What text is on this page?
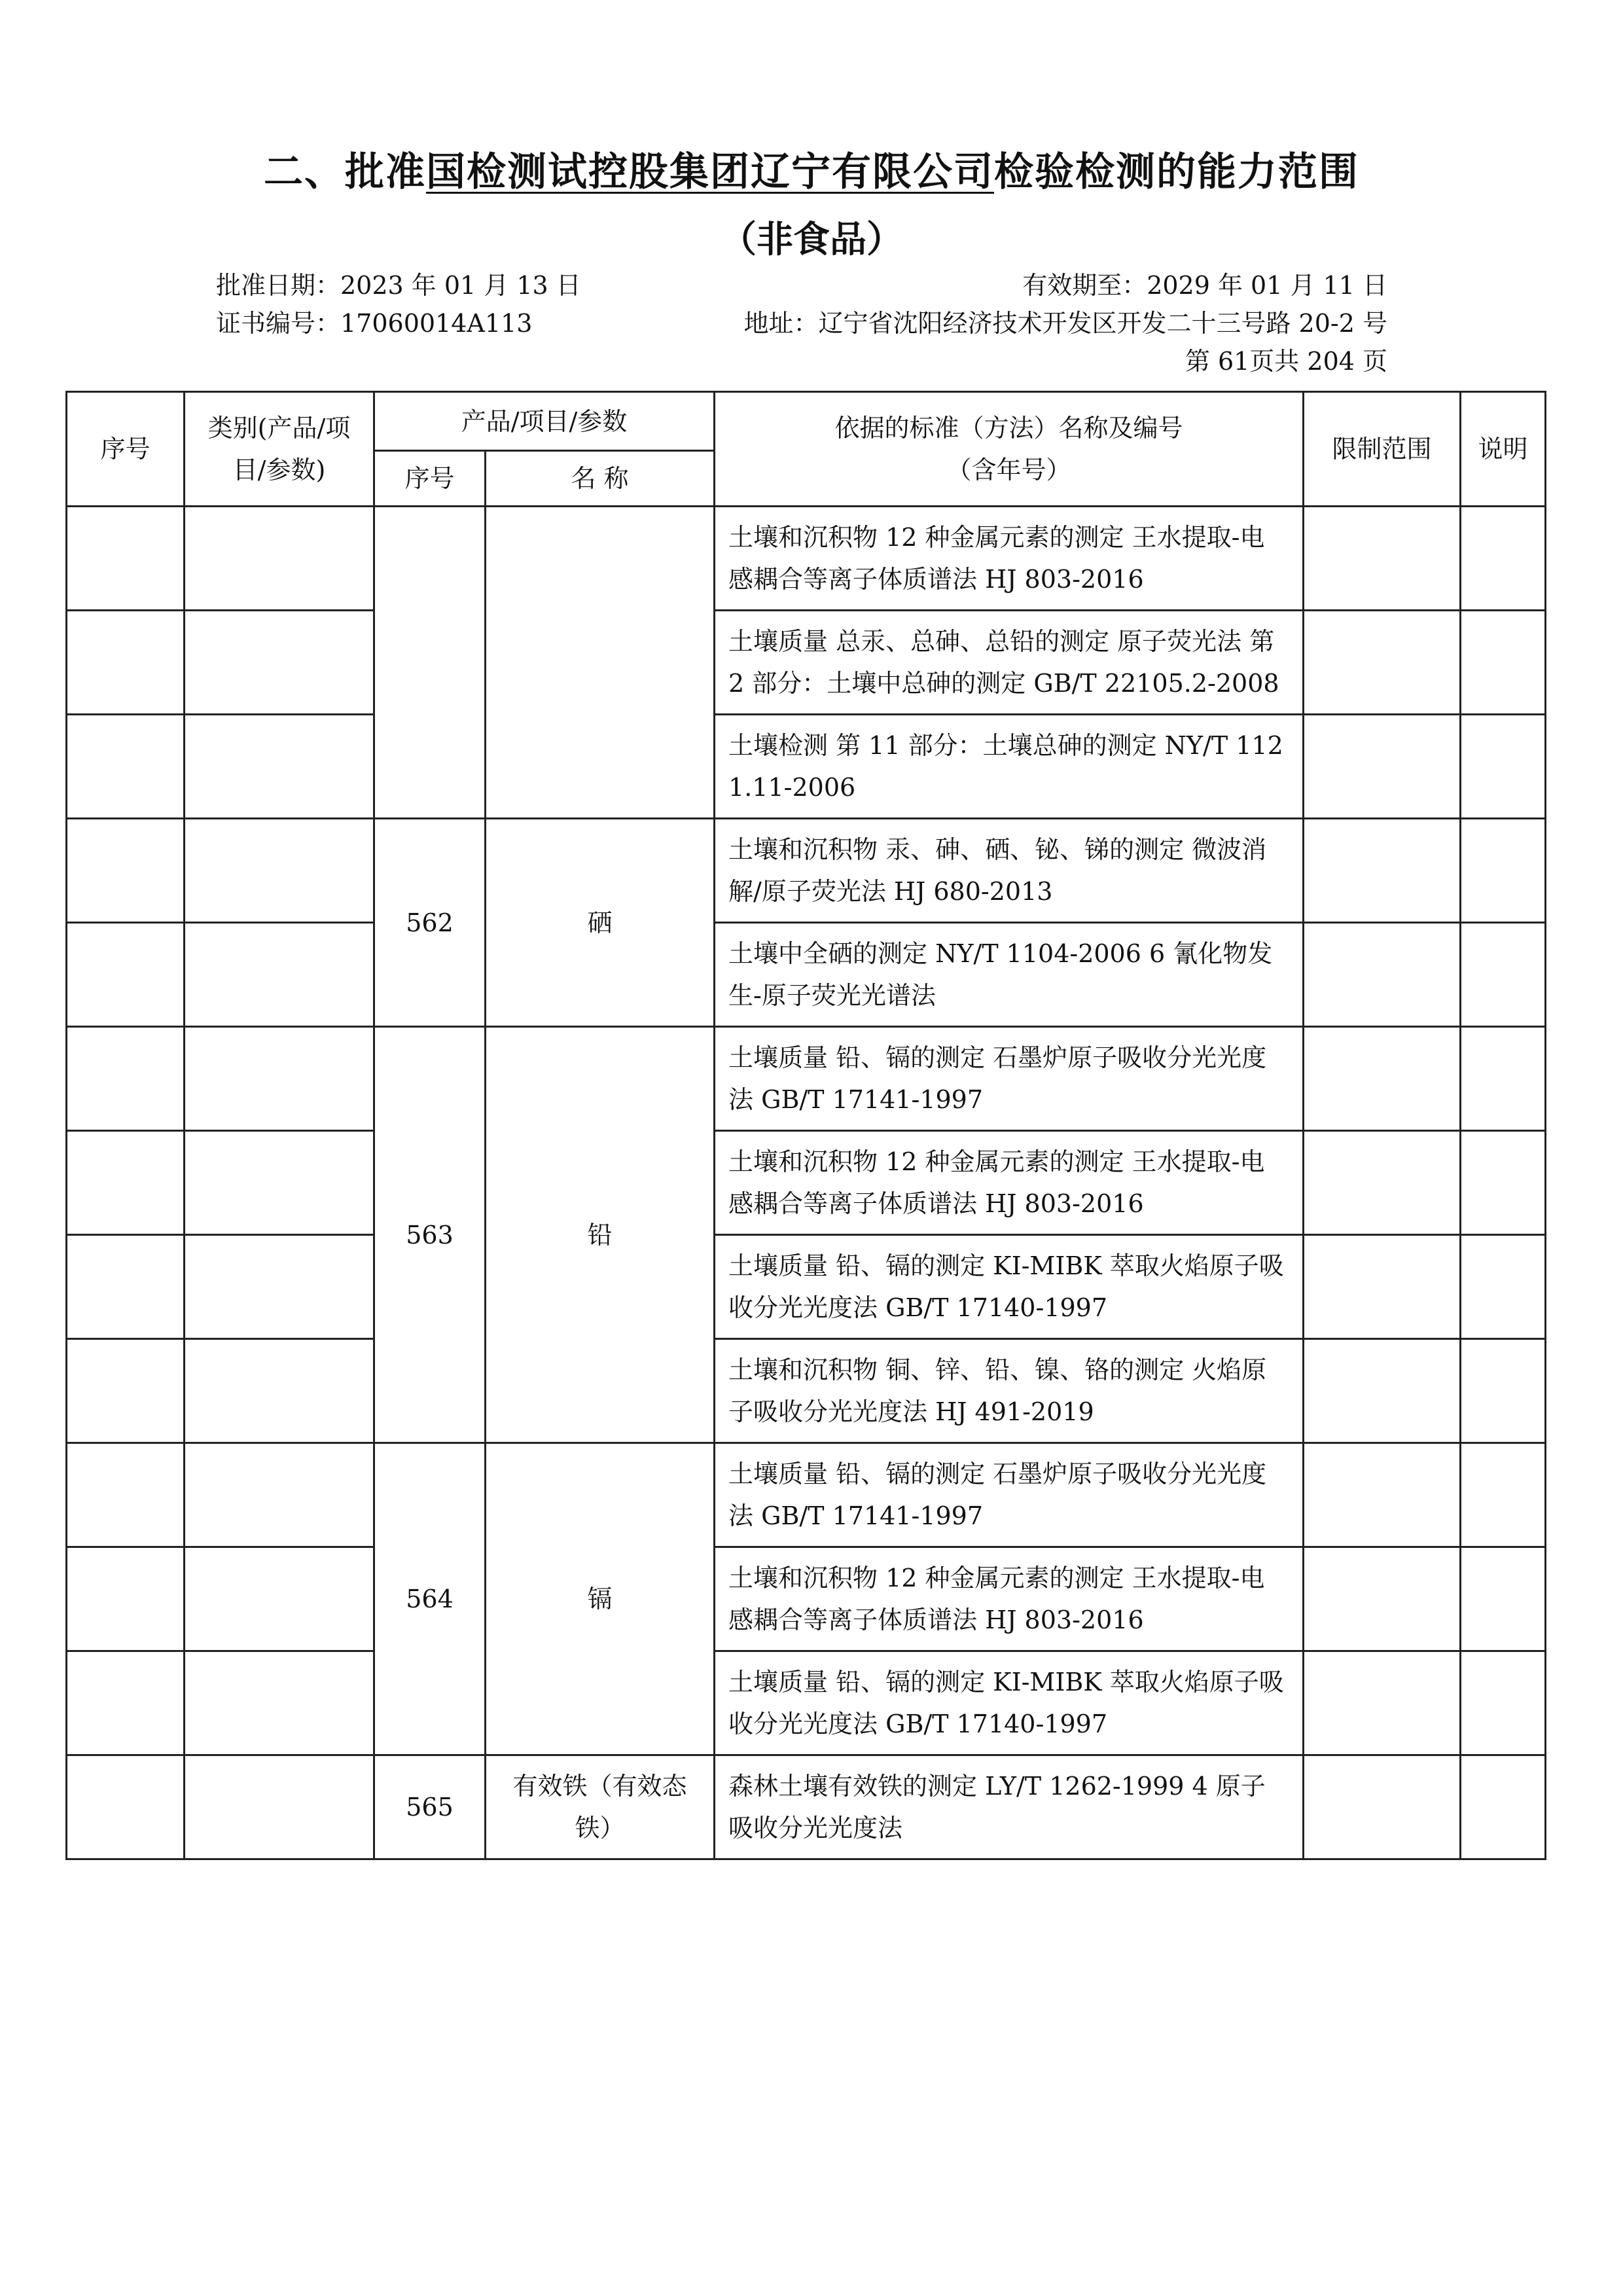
二、批准国检测试控股集团辽宁有限公司检验检测的能力范围
（非食品）
批准日期：2023 年 01 月 13 日	有效期至：2029 年 01 月 11 日
证书编号：17060014A113	地址：辽宁省沈阳经济技术开发区开发二十三号路 20-2 号
第 61页共 204 页
序号	类别(产品/项目/参数)	产品/项目/参数		依据的标准（方法）名称及编号（含年号）	限制范围	说明
		序号	名 称			
				土壤和沉积物 12 种金属元素的测定 王水提取-电感耦合等离子体质谱法 HJ 803-2016		
				土壤质量 总汞、总砷、总铅的测定 原子荧光法 第 2 部分：土壤中总砷的测定 GB/T 22105.2-2008		
				土壤检测 第 11 部分：土壤总砷的测定 NY/T 1121.11-2006		
		562	硒	土壤和沉积物 汞、砷、硒、铋、锑的测定 微波消解/原子荧光法 HJ 680-2013		
				土壤中全硒的测定 NY/T 1104-2006 6 氰化物发生-原子荧光光谱法		
		563	铅	土壤质量 铅、镉的测定 石墨炉原子吸收分光光度法 GB/T 17141-1997		
				土壤和沉积物 12 种金属元素的测定 王水提取-电感耦合等离子体质谱法 HJ 803-2016		
				土壤质量 铅、镉的测定 KI-MIBK 萃取火焰原子吸收分光光度法 GB/T 17140-1997		
				土壤和沉积物 铜、锌、铅、镍、铬的测定 火焰原子吸收分光光度法 HJ 491-2019		
		564	镉	土壤质量 铅、镉的测定 石墨炉原子吸收分光光度法 GB/T 17141-1997		
				土壤和沉积物 12 种金属元素的测定 王水提取-电感耦合等离子体质谱法 HJ 803-2016		
				土壤质量 铅、镉的测定 KI-MIBK 萃取火焰原子吸收分光光度法 GB/T 17140-1997		
		565	有效铁（有效态铁）	森林土壤有效铁的测定 LY/T 1262-1999 4 原子吸收分光光度法		
